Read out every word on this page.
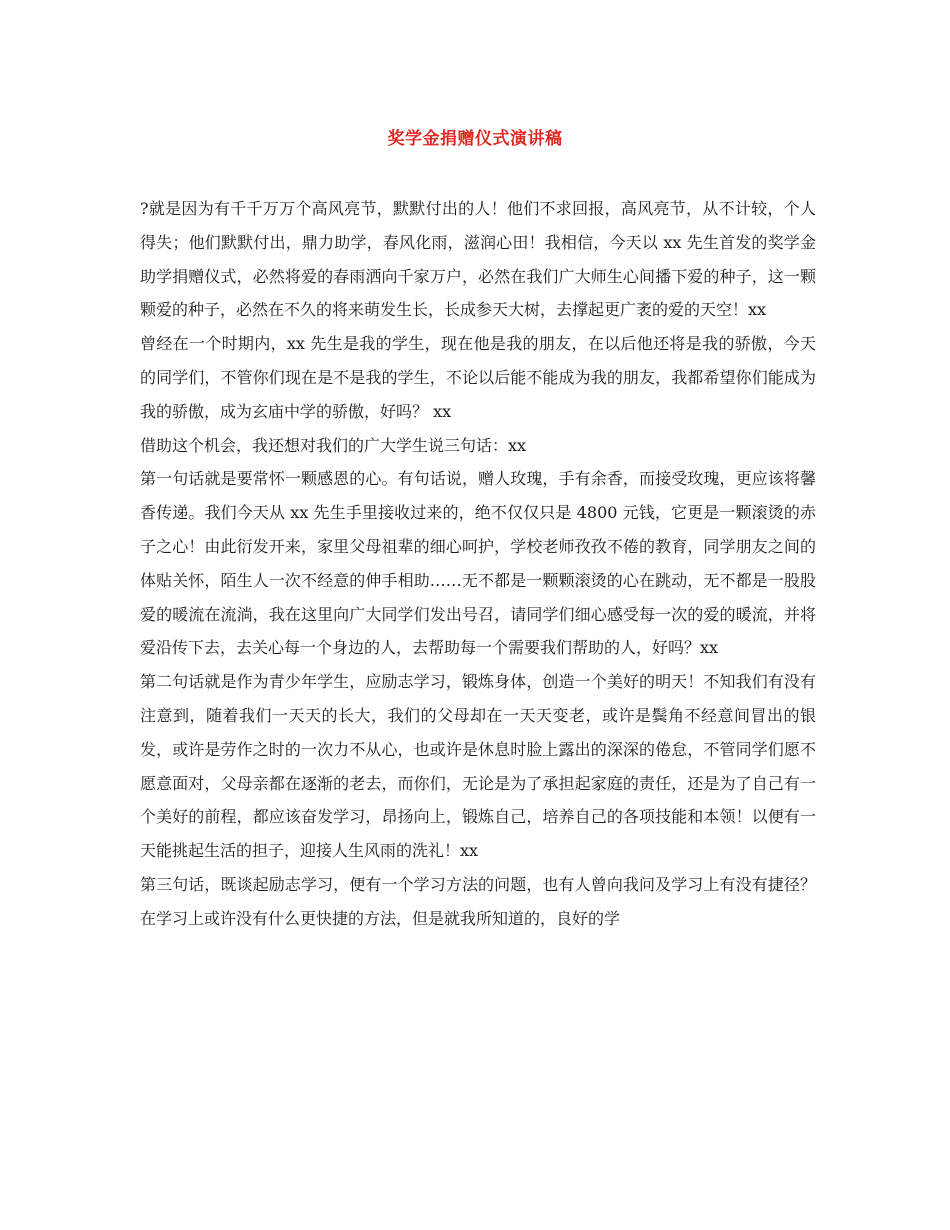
奖学金捐赠仪式演讲稿

?就是因为有千千万万个高风亮节，默默付出的人！他们不求回报，高风亮节，从不计较，个人得失；他们默默付出，鼎力助学，春风化雨，滋润心田！我相信，今天以 xx 先生首发的奖学金助学捐赠仪式，必然将爱的春雨洒向千家万户，必然在我们广大师生心间播下爱的种子，这一颗颗爱的种子，必然在不久的将来萌发生长，长成参天大树，去撑起更广袤的爱的天空！xx

曾经在一个时期内，xx 先生是我的学生，现在他是我的朋友，在以后他还将是我的骄傲，今天的同学们，不管你们现在是不是我的学生，不论以后能不能成为我的朋友，我都希望你们能成为我的骄傲，成为玄庙中学的骄傲，好吗？ xx

借助这个机会，我还想对我们的广大学生说三句话：xx

第一句话就是要常怀一颗感恩的心。有句话说，赠人玫瑰，手有余香，而接受玫瑰，更应该将馨香传递。我们今天从 xx 先生手里接收过来的，绝不仅仅只是 4800 元钱，它更是一颗滚烫的赤子之心！由此衍发开来，家里父母祖辈的细心呵护，学校老师孜孜不倦的教育，同学朋友之间的体贴关怀，陌生人一次不经意的伸手相助……无不都是一颗颗滚烫的心在跳动，无不都是一股股爱的暖流在流淌，我在这里向广大同学们发出号召，请同学们细心感受每一次的爱的暖流，并将爱沿传下去，去关心每一个身边的人，去帮助每一个需要我们帮助的人，好吗？xx

第二句话就是作为青少年学生，应励志学习，锻炼身体，创造一个美好的明天！不知我们有没有注意到，随着我们一天天的长大，我们的父母却在一天天变老，或许是鬓角不经意间冒出的银发，或许是劳作之时的一次力不从心，也或许是休息时脸上露出的深深的倦怠，不管同学们愿不愿意面对，父母亲都在逐渐的老去，而你们，无论是为了承担起家庭的责任，还是为了自己有一个美好的前程，都应该奋发学习，昂扬向上，锻炼自己，培养自己的各项技能和本领！以便有一天能挑起生活的担子，迎接人生风雨的洗礼！xx

第三句话，既谈起励志学习，便有一个学习方法的问题，也有人曾向我问及学习上有没有捷径？在学习上或许没有什么更快捷的方法，但是就我所知道的，良好的学
